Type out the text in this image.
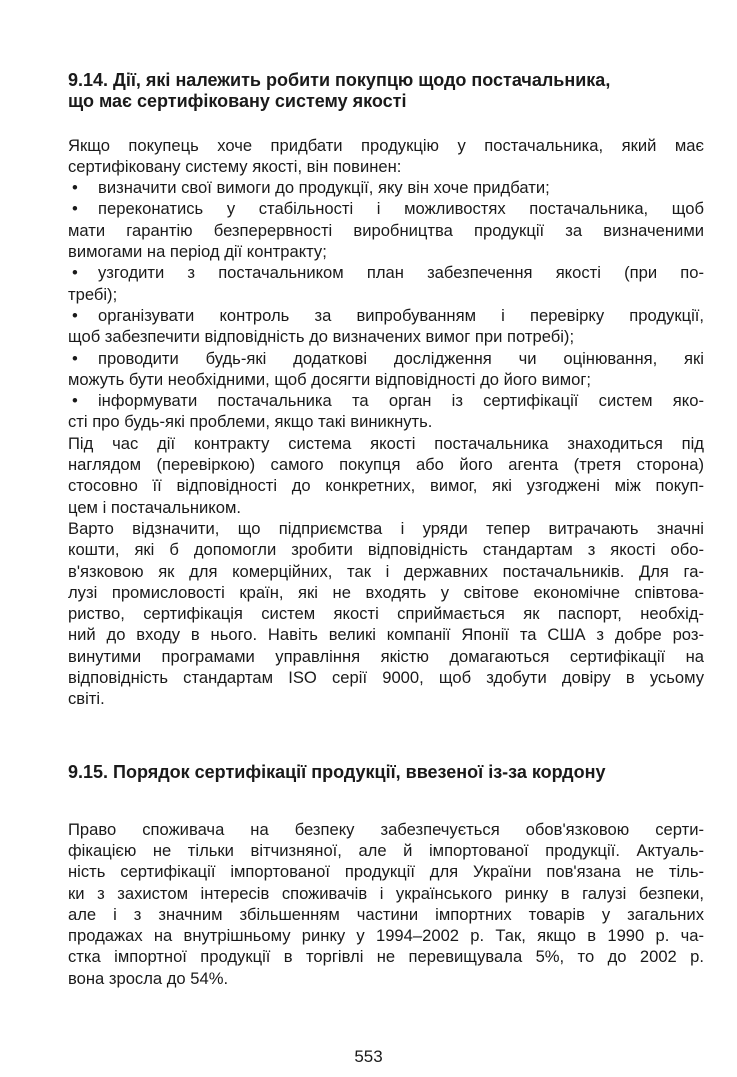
9.14. Дії, які належить робити покупцю щодо постачальника,
що має сертифіковану систему якості
Якщо покупець хоче придбати продукцію у постачальника, який має
сертифіковану систему якості, він повинен:
• визначити свої вимоги до продукції, яку він хоче придбати;
• переконатись у стабільності і можливостях постачальника, щоб
мати гарантію безперервності виробництва продукції за визначеними
вимогами на період дії контракту;
• узгодити з постачальником план забезпечення якості (при по-
требі);
• організувати контроль за випробуванням і перевірку продукції,
щоб забезпечити відповідність до визначених вимог при потребі);
• проводити будь-які додаткові дослідження чи оцінювання, які
можуть бути необхідними, щоб досягти відповідності до його вимог;
• інформувати постачальника та орган із сертифікації систем яко-
сті про будь-які проблеми, якщо такі виникнуть.
Під час дії контракту система якості постачальника знаходиться під
наглядом (перевіркою) самого покупця або його агента (третя сторона)
стосовно її відповідності до конкретних, вимог, які узгоджені між покуп-
цем і постачальником.
Варто відзначити, що підприємства і уряди тепер витрачають значні
кошти, які б допомогли зробити відповідність стандартам з якості обо-
в'язковою як для комерційних, так і державних постачальників. Для га-
лузі промисловості країн, які не входять у світове економічне співтова-
риство, сертифікація систем якості сприймається як паспорт, необхід-
ний до входу в нього. Навіть великі компанії Японії та США з добре роз-
винутими програмами управління якістю домагаються сертифікації на
відповідність стандартам ISO серії 9000, щоб здобути довіру в усьому
світі.
9.15. Порядок сертифікації продукції, ввезеної із-за кордону
Право споживача на безпеку забезпечується обов'язковою серти-
фікацією не тільки вітчизняної, але й імпортованої продукції. Актуаль-
ність сертифікації імпортованої продукції для України пов'язана не тіль-
ки з захистом інтересів споживачів і українського ринку в галузі безпеки,
але і з значним збільшенням частини імпортних товарів у загальних
продажах на внутрішньому ринку у 1994–2002 р. Так, якщо в 1990 р. ча-
стка імпортної продукції в торгівлі не перевищувала 5%, то до 2002 р.
вона зросла до 54%.
553
